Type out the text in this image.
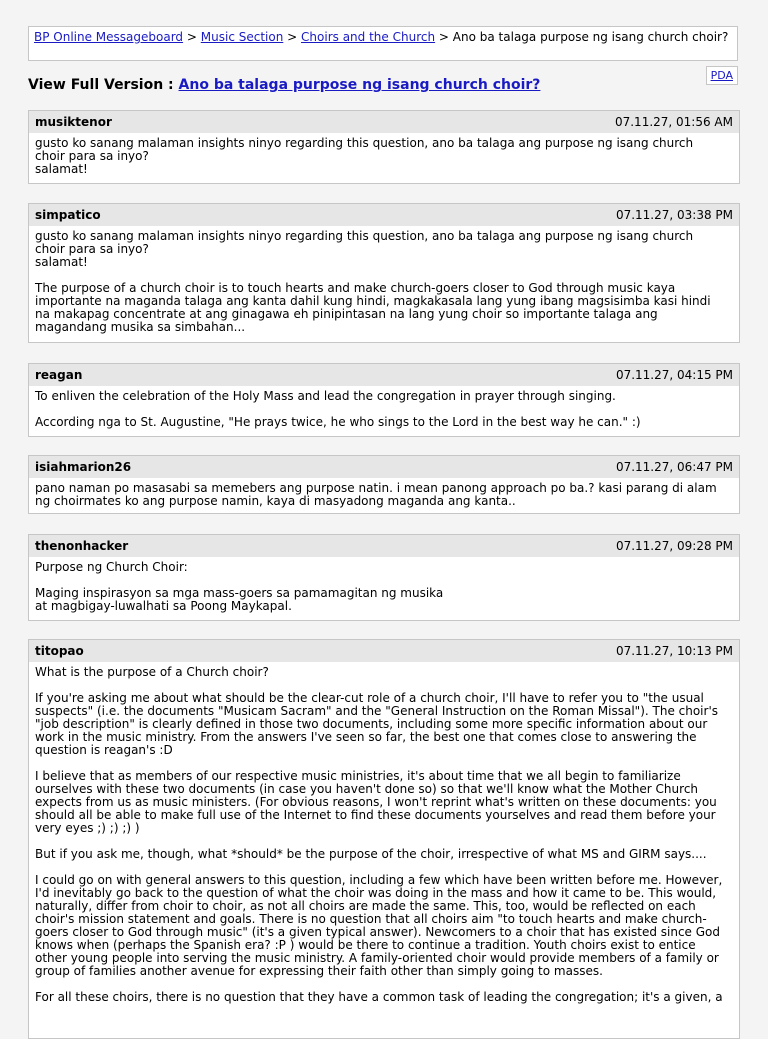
BP Online Messageboard > Music Section > Choirs and the Church > Ano ba talaga purpose ng isang church choir?
PDA
View Full Version : Ano ba talaga purpose ng isang church choir?
musiktenor	07.11.27, 01:56 AM
gusto ko sanang malaman insights ninyo regarding this question, ano ba talaga ang purpose ng isang church
choir para sa inyo?
salamat!
simpatico	07.11.27, 03:38 PM
gusto ko sanang malaman insights ninyo regarding this question, ano ba talaga ang purpose ng isang church
choir para sa inyo?
salamat!

The purpose of a church choir is to touch hearts and make church-goers closer to God through music kaya
importante na maganda talaga ang kanta dahil kung hindi, magkakasala lang yung ibang magsisimba kasi hindi
na makapag concentrate at ang ginagawa eh pinipintasan na lang yung choir so importante talaga ang
magandang musika sa simbahan...
reagan	07.11.27, 04:15 PM
To enliven the celebration of the Holy Mass and lead the congregation in prayer through singing.

According nga to St. Augustine, "He prays twice, he who sings to the Lord in the best way he can." :)
isiahmarion26	07.11.27, 06:47 PM
pano naman po masasabi sa memebers ang purpose natin. i mean panong approach po ba.? kasi parang di alam
ng choirmates ko ang purpose namin, kaya di masyadong maganda ang kanta..
thenonhacker	07.11.27, 09:28 PM
Purpose ng Church Choir:

Maging inspirasyon sa mga mass-goers sa pamamagitan ng musika
at magbigay-luwalhati sa Poong Maykapal.
titopao	07.11.27, 10:13 PM
What is the purpose of a Church choir?

If you're asking me about what should be the clear-cut role of a church choir, I'll have to refer you to "the usual
suspects" (i.e. the documents "Musicam Sacram" and the "General Instruction on the Roman Missal"). The choir's
"job description" is clearly defined in those two documents, including some more specific information about our
work in the music ministry. From the answers I've seen so far, the best one that comes close to answering the
question is reagan's :D

I believe that as members of our respective music ministries, it's about time that we all begin to familiarize
ourselves with these two documents (in case you haven't done so) so that we'll know what the Mother Church
expects from us as music ministers. (For obvious reasons, I won't reprint what's written on these documents: you
should all be able to make full use of the Internet to find these documents yourselves and read them before your
very eyes ;) ;) ;) )

But if you ask me, though, what *should* be the purpose of the choir, irrespective of what MS and GIRM says....

I could go on with general answers to this question, including a few which have been written before me. However,
I'd inevitably go back to the question of what the choir was doing in the mass and how it came to be. This would,
naturally, differ from choir to choir, as not all choirs are made the same. This, too, would be reflected on each
choir's mission statement and goals. There is no question that all choirs aim "to touch hearts and make church-
goers closer to God through music" (it's a given typical answer). Newcomers to a choir that has existed since God
knows when (perhaps the Spanish era? :P ) would be there to continue a tradition. Youth choirs exist to entice
other young people into serving the music ministry. A family-oriented choir would provide members of a family or
group of families another avenue for expressing their faith other than simply going to masses.

For all these choirs, there is no question that they have a common task of leading the congregation; it's a given, a
